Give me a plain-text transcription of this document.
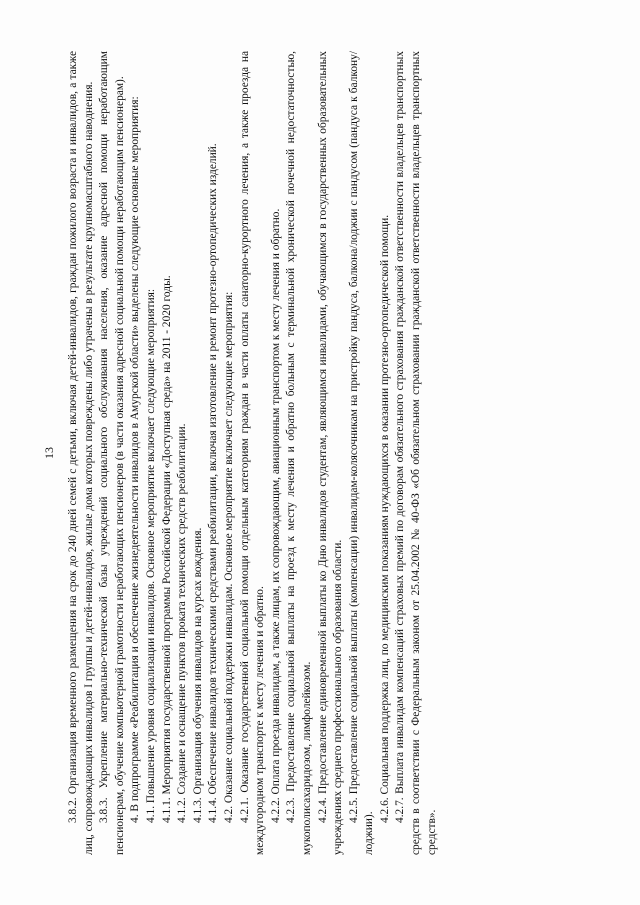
13 3.8.2. Организация временного размещения на срок до 240 дней семей с детьми, включая детей-инвалидов, граждан пожилого возраста и инвалидов, а также лиц, сопровождающих инвалидов I группы и детей-инвалидов, жилые дома которых повреждены либо утрачены в результате крупномасштабного наводнения. 3.8.3. Укрепление материально-технической базы учреждений социального обслуживания населения, оказание адресной помощи неработающим пенсионерам, обучение компьютерной грамотности неработающих пенсионеров (в части оказания адресной социальной помощи неработающим пенсионерам). 4. В подпрограмме «Реабилитация и обеспечение жизнедеятельности инвалидов в Амурской области» выделены следующие основные мероприятия: 4.1. Повышение уровня социализации инвалидов. Основное мероприятие включает следующие мероприятия: 4.1.1. Мероприятия государственной программы Российской Федерации «Доступная среда» на 2011 - 2020 годы. 4.1.2. Создание и оснащение пунктов проката технических средств реабилитации. 4.1.3. Организация обучения инвалидов на курсах вождения. 4.1.4. Обеспечение инвалидов техническими средствами реабилитации, включая изготовление и ремонт протезно-ортопедических изделий. 4.2. Оказание социальной поддержки инвалидам. Основное мероприятие включает следующие мероприятия: 4.2.1. Оказание государственной социальной помощи отдельным категориям граждан в части оплаты санаторно-курортного лечения, а также проезда на междугородном транспорте к месту лечения и обратно. 4.2.2. Оплата проезда инвалидам, а также лицам, их сопровождающим, авиационным транспортом к месту лечения и обратно. 4.2.3. Предоставление социальной выплаты на проезд к месту лечения и обратно больным с терминальной хронической почечной недостаточностью, мукополисахаридозом, лимфолейкозом. 4.2.4. Предоставление единовременной выплаты ко Дню инвалидов студентам, являющимся инвалидами, обучающимся в государственных образовательных учреждениях среднего профессионального образования области. 4.2.5. Предоставление социальной выплаты (компенсации) инвалидам-колясочникам на пристройку пандуса, балкона/лоджии с пандусом (пандуса к балкону/лоджии).

4.2.6. Социальная поддержка лиц, по медицинским показаниям нуждающихся в оказании протезно-ортопедической помощи. 4.2.7. Выплата инвалидам компенсаций страховых премий по договорам обязательного страхования гражданской ответственности владельцев транспортных средств в соответствии с Федеральным законом от 25.04.2002 № 40-ФЗ «Об обязательном страховании гражданской ответственности владельцев транспортных средств».
